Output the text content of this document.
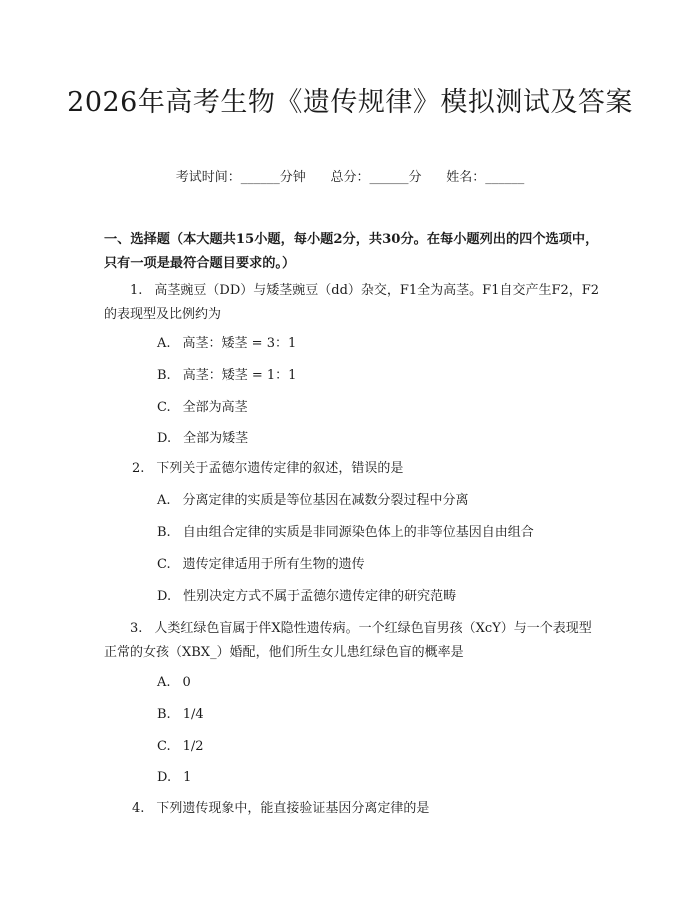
2026年高考生物《遗传规律》模拟测试及答案
考试时间：______分钟      总分：______分      姓名：______
一、选择题（本大题共15小题，每小题2分，共30分。在每小题列出的四个选项中，只有一项是最符合题目要求的。）
1. 高茎豌豆（DD）与矮茎豌豆（dd）杂交，F1全为高茎。F1自交产生F2，F2的表现型及比例约为
A. 高茎：矮茎 = 3：1
B. 高茎：矮茎 = 1：1
C. 全部为高茎
D. 全部为矮茎
2. 下列关于孟德尔遗传定律的叙述，错误的是
A. 分离定律的实质是等位基因在减数分裂过程中分离
B. 自由组合定律的实质是非同源染色体上的非等位基因自由组合
C. 遗传定律适用于所有生物的遗传
D. 性别决定方式不属于孟德尔遗传定律的研究范畴
3. 人类红绿色盲属于伴X隐性遗传病。一个红绿色盲男孩（XcY）与一个表现型正常的女孩（XBX_）婚配，他们所生女儿患红绿色盲的概率是
A. 0
B. 1/4
C. 1/2
D. 1
4. 下列遗传现象中，能直接验证基因分离定律的是
